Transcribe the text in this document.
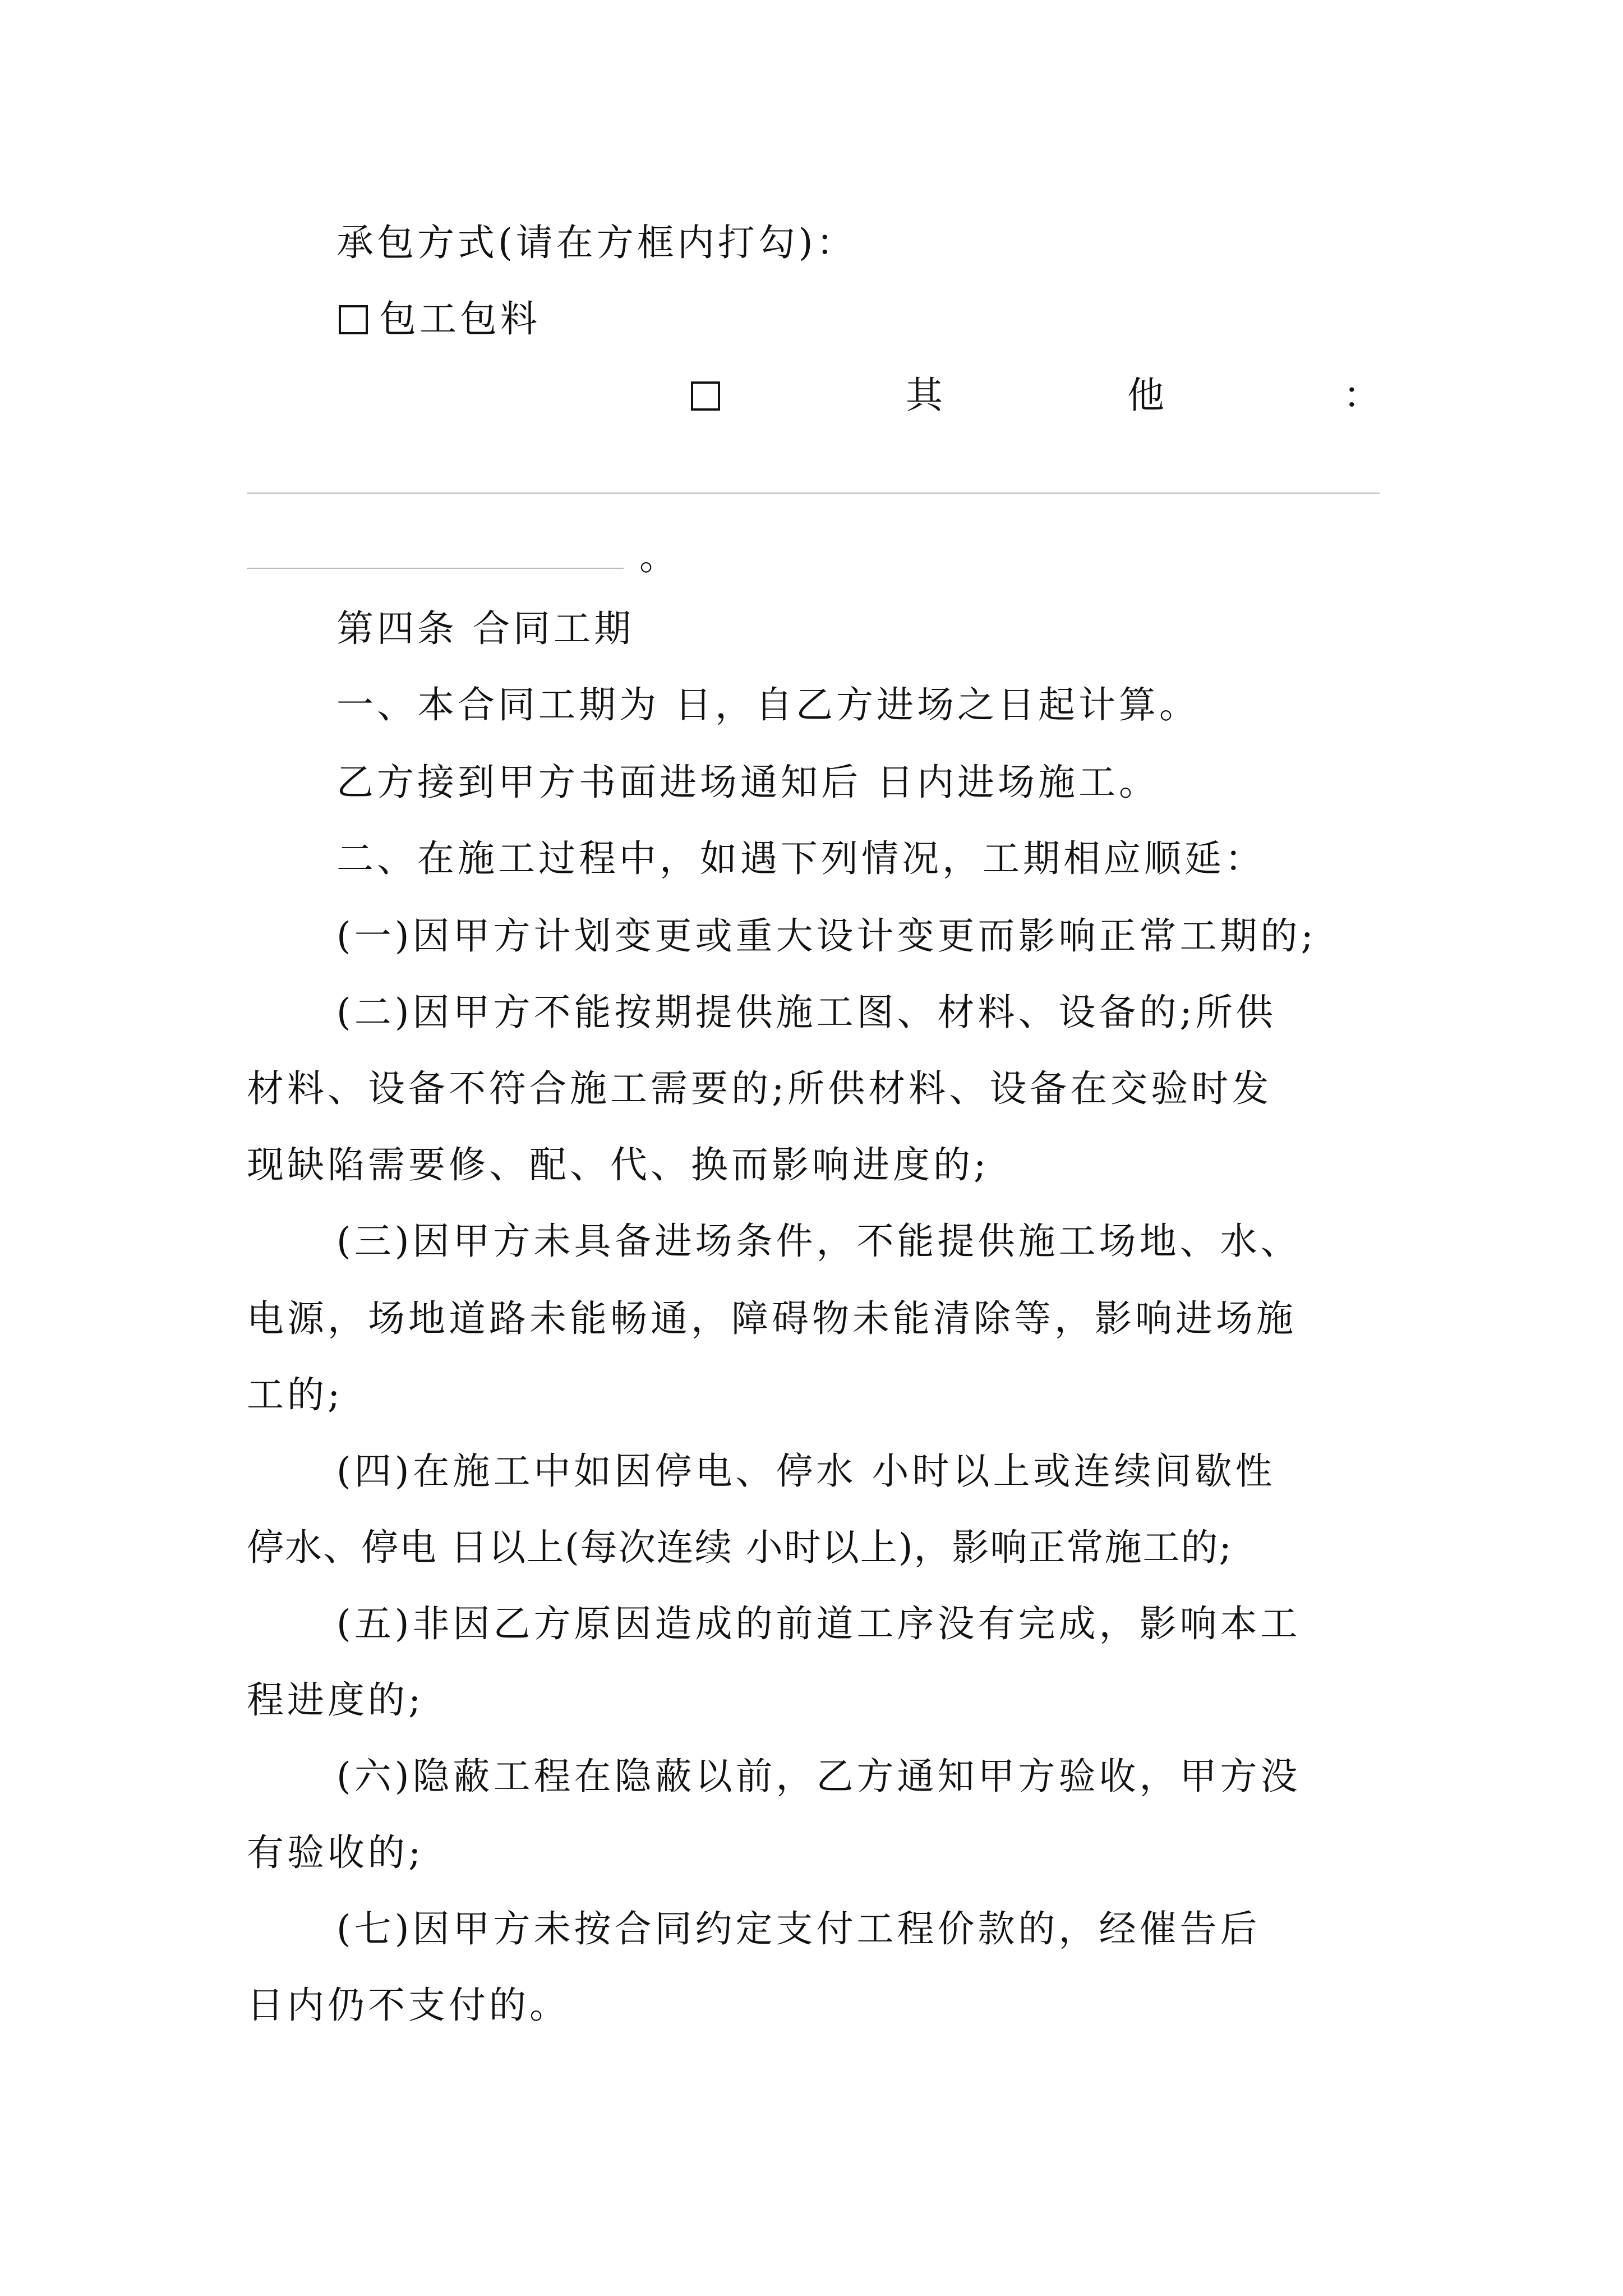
承包方式(请在方框内打勾)：
包工包料
其	他	：
。
第四条 合同工期
一、本合同工期为 日，自乙方进场之日起计算。
乙方接到甲方书面进场通知后 日内进场施工。
二、在施工过程中，如遇下列情况，工期相应顺延：
(一)因甲方计划变更或重大设计变更而影响正常工期的;
(二)因甲方不能按期提供施工图、材料、设备的;所供
材料、设备不符合施工需要的;所供材料、设备在交验时发
现缺陷需要修、配、代、换而影响进度的;
(三)因甲方未具备进场条件，不能提供施工场地、水、
电源，场地道路未能畅通，障碍物未能清除等，影响进场施
工的;
(四)在施工中如因停电、停水 小时以上或连续间歇性
停水、停电 日以上(每次连续 小时以上)，影响正常施工的;
(五)非因乙方原因造成的前道工序没有完成，影响本工
程进度的;
(六)隐蔽工程在隐蔽以前，乙方通知甲方验收，甲方没
有验收的;
(七)因甲方未按合同约定支付工程价款的，经催告后
日内仍不支付的。
